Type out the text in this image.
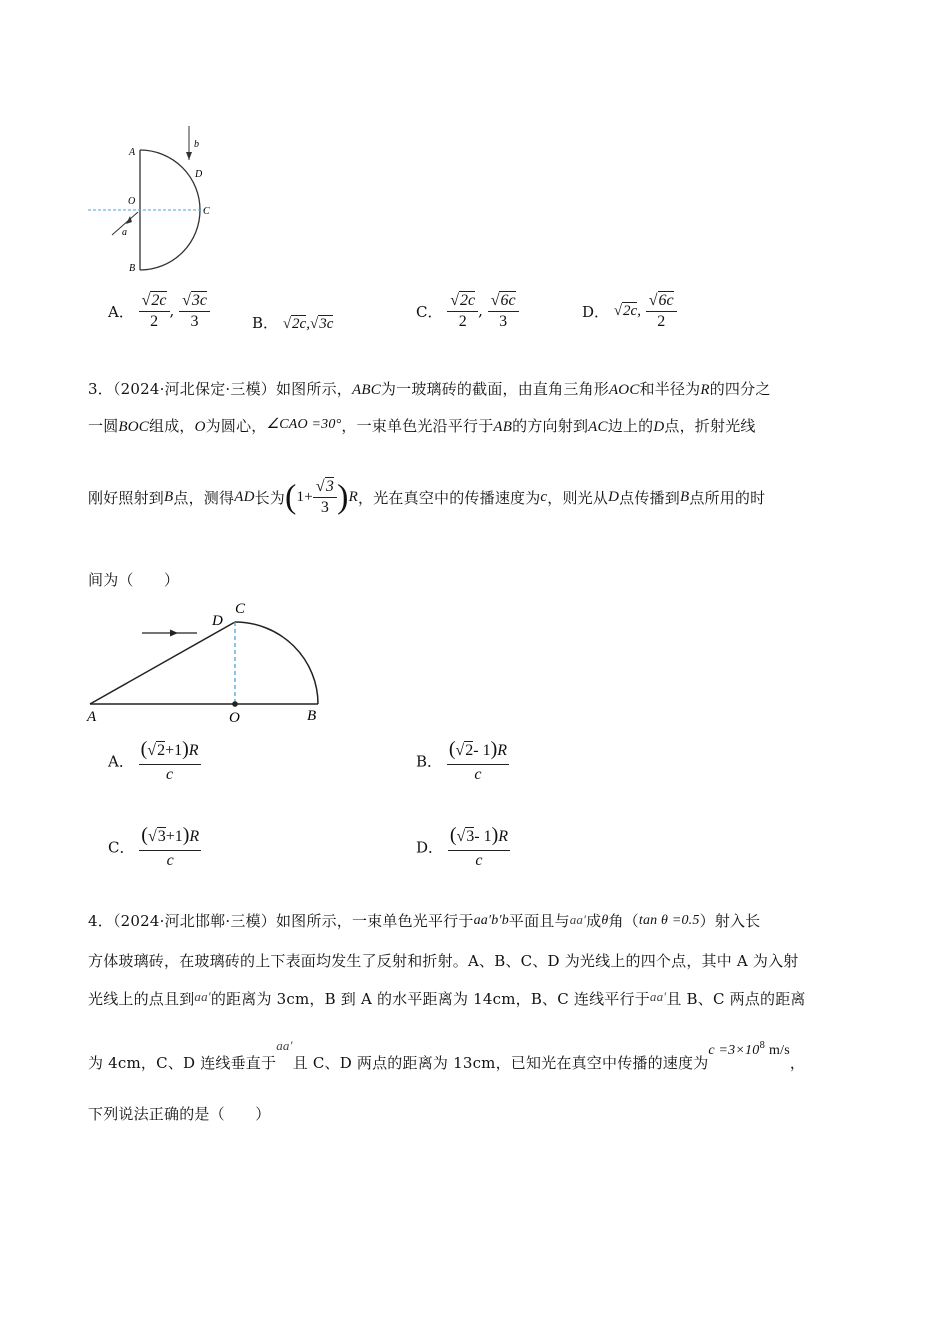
A
B
O
C
D
a
b
A． $\frac{√2c}{2}$ , $\frac{√3c}{3}$	B． √2c,√3c
C． $\frac{√2c}{2}$ , $\frac{√6c}{3}$	D． √2c, $\frac{√6c}{2}$
3．（2024·河北保定·三模）如图所示，ABC为一玻璃砖的截面，由直角三角形AOC和半径为R的四分之
一圆BOC组成，O为圆心，∠CAO =30°，一束单色光沿平行于AB的方向射到AC边上的D点，折射光线
刚好照射到B点，测得AD长为$(1+ \frac{√3}{3} )R$，光在真空中的传播速度为c，则光从D点传播到B点所用的时
间为（　　）
A	O	B
C
D
A． $\frac{(√2+1)R}{c}$	B． $\frac{(√2- 1)R}{c}$
C． $\frac{(√3+1)R}{c}$	D． $\frac{(√3- 1)R}{c}$
4．（2024·河北邯郸·三模）如图所示，一束单色光平行于aa′b′b平面且与aa′成θ角（tan θ =0.5）射入长
方体玻璃砖，在玻璃砖的上下表面均发生了反射和折射。A、B、C、D 为光线上的四个点，其中 A 为入射
光线上的点且到aa′的距离为 3cm，B 到 A 的水平距离为 14cm，B、C 连线平行于aa′且 B、C 两点的距离
为 4cm，C、D 连线垂直于aa′且 C、D 两点的距离为 13cm，已知光在真空中传播的速度为$c =3\times 10^8$ m/s，
下列说法正确的是（　　）
